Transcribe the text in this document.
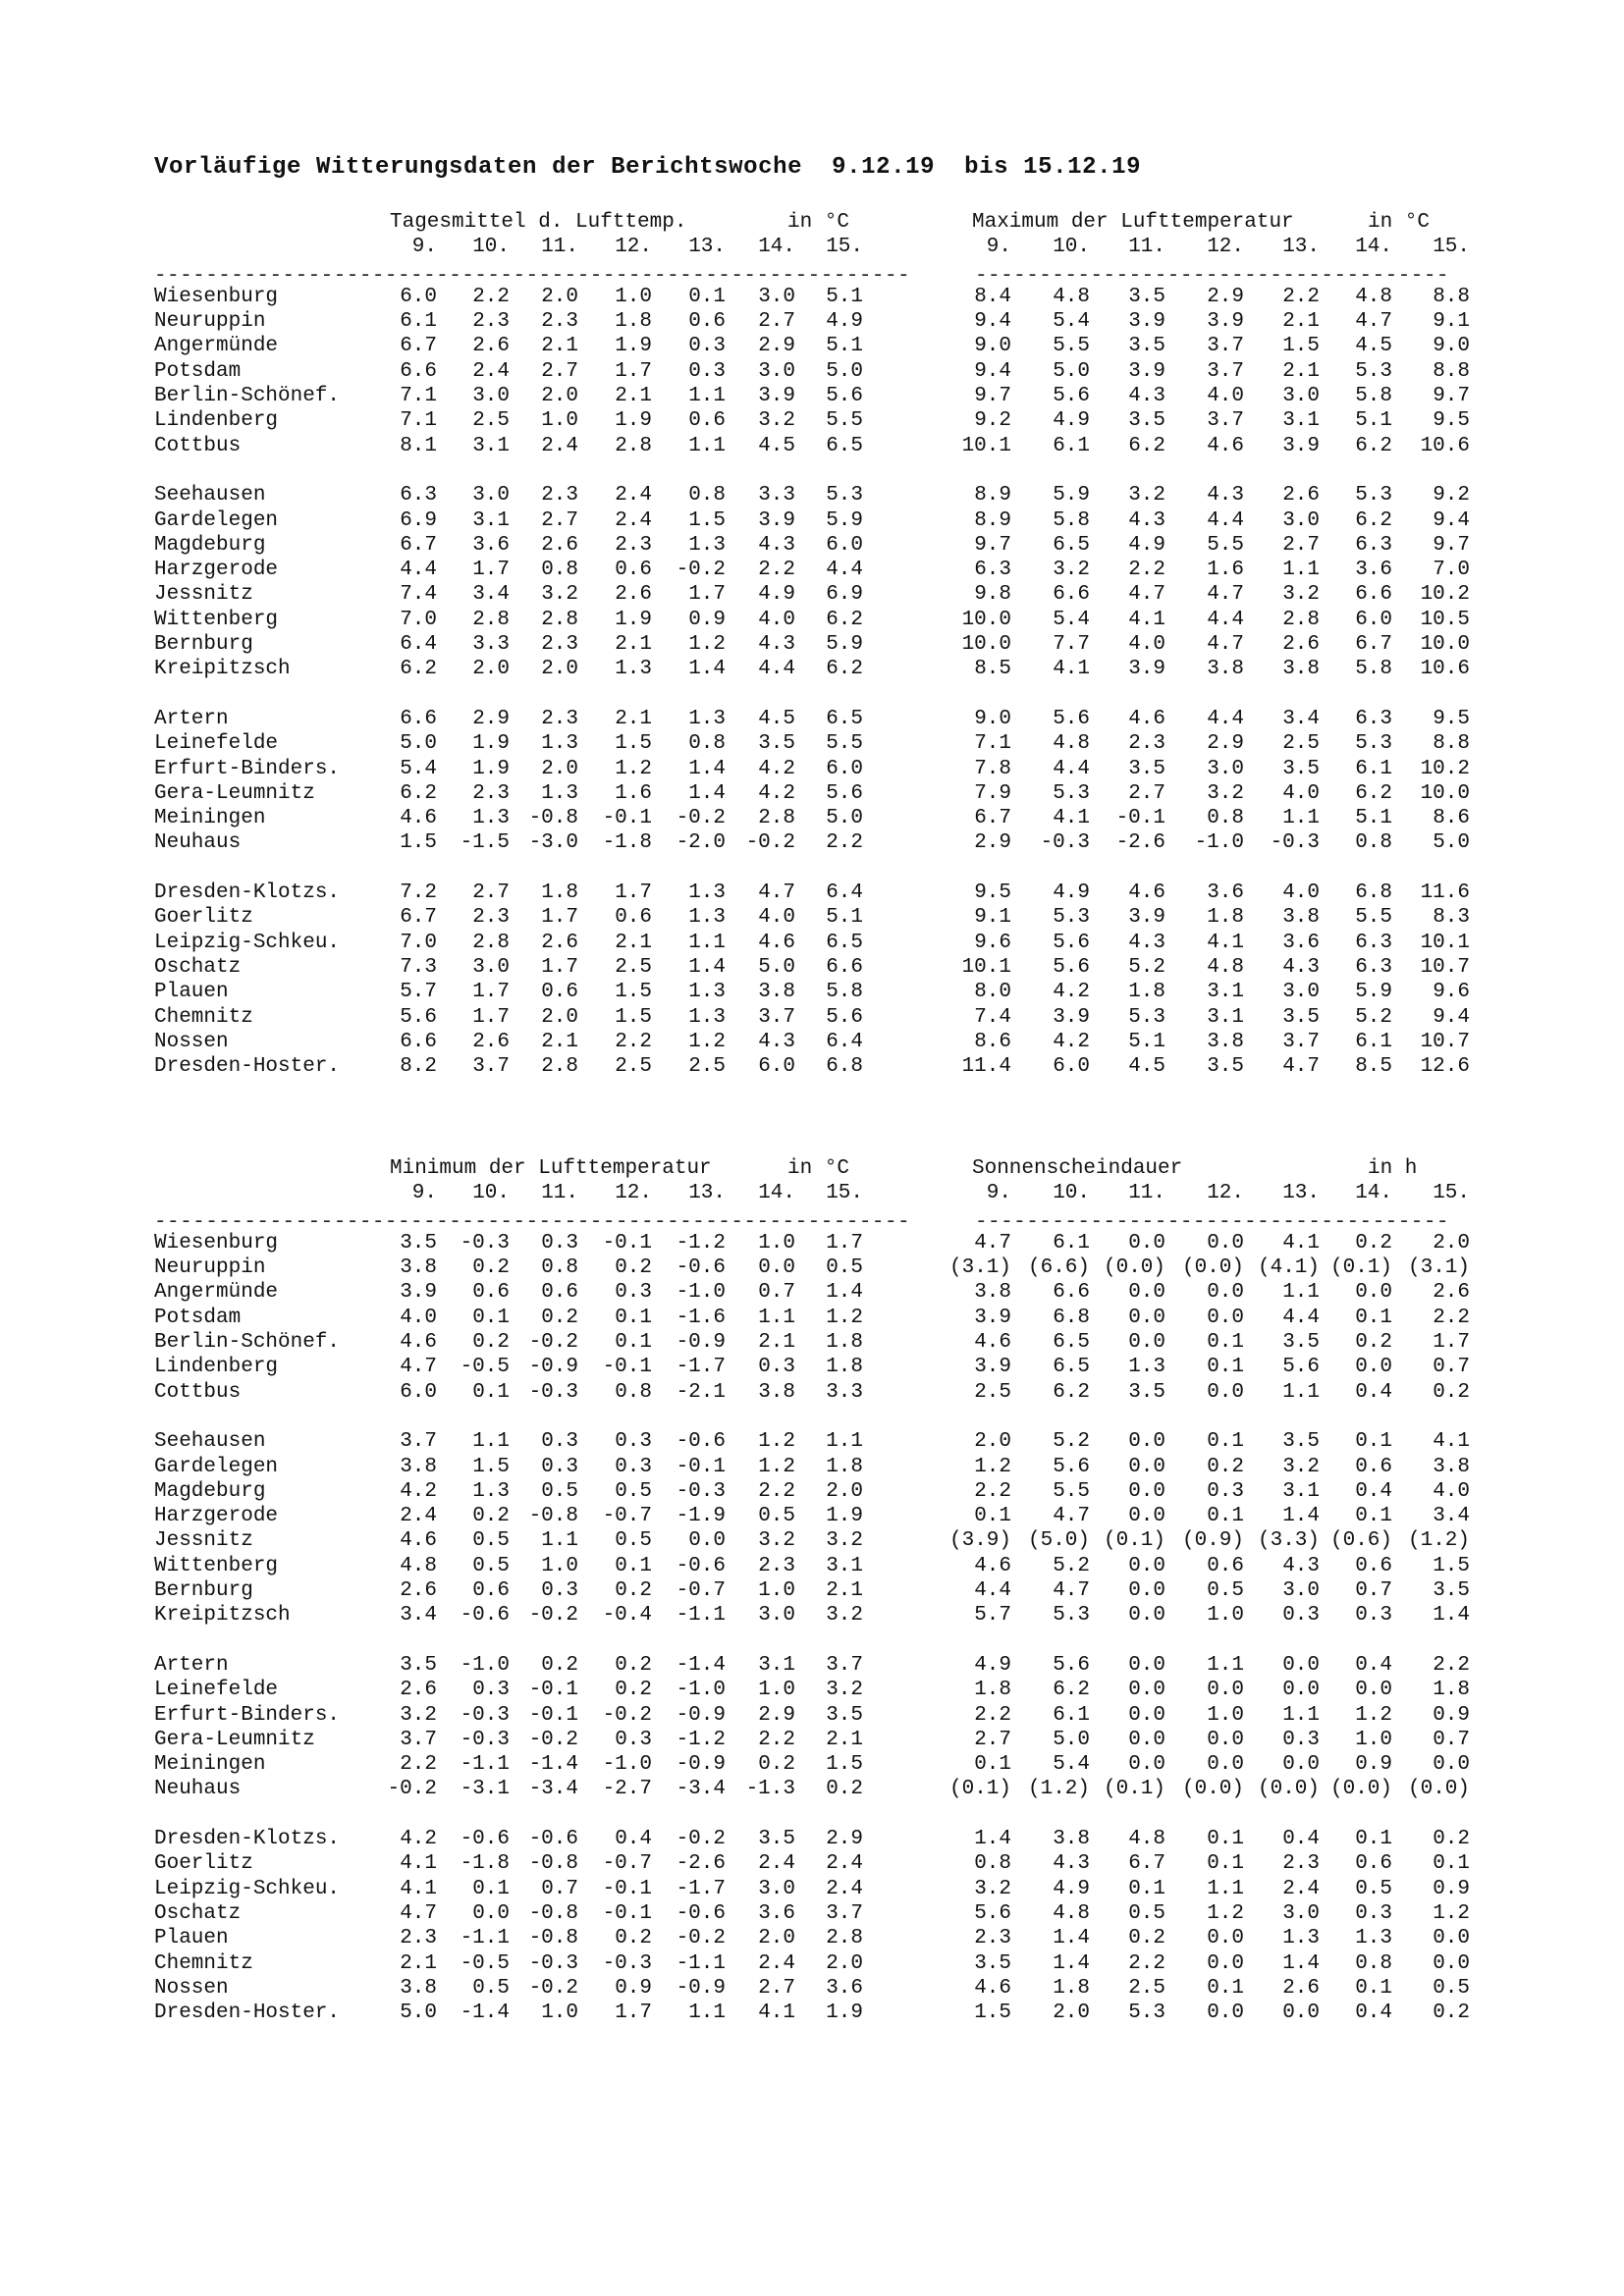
Vorläufige Witterungsdaten der Berichtswoche  9.12.19  bis 15.12.19
Tagesmittel d. Lufttemp.	in °C	Maximum der Lufttemperatur	in °C
9.	9.
10.	10.
11.	11.
12.	12.
13.	13.
14.	14.
15.	15.
-----------------------------------------------------------	-------------------------------------
Wiesenburg	6.0	2.2	2.0	1.0	0.1	3.0	5.1	8.4	4.8	3.5	2.9	2.2	4.8	8.8
Neuruppin	6.1	2.3	2.3	1.8	0.6	2.7	4.9	9.4	5.4	3.9	3.9	2.1	4.7	9.1
Angermünde	6.7	2.6	2.1	1.9	0.3	2.9	5.1	9.0	5.5	3.5	3.7	1.5	4.5	9.0
Potsdam	6.6	2.4	2.7	1.7	0.3	3.0	5.0	9.4	5.0	3.9	3.7	2.1	5.3	8.8
Berlin-Schönef.	7.1	3.0	2.0	2.1	1.1	3.9	5.6	9.7	5.6	4.3	4.0	3.0	5.8	9.7
Lindenberg	7.1	2.5	1.0	1.9	0.6	3.2	5.5	9.2	4.9	3.5	3.7	3.1	5.1	9.5
Cottbus	8.1	3.1	2.4	2.8	1.1	4.5	6.5	10.1	6.1	6.2	4.6	3.9	6.2	10.6
Seehausen	6.3	3.0	2.3	2.4	0.8	3.3	5.3	8.9	5.9	3.2	4.3	2.6	5.3	9.2
Gardelegen	6.9	3.1	2.7	2.4	1.5	3.9	5.9	8.9	5.8	4.3	4.4	3.0	6.2	9.4
Magdeburg	6.7	3.6	2.6	2.3	1.3	4.3	6.0	9.7	6.5	4.9	5.5	2.7	6.3	9.7
Harzgerode	4.4	1.7	0.8	0.6	-0.2	2.2	4.4	6.3	3.2	2.2	1.6	1.1	3.6	7.0
Jessnitz	7.4	3.4	3.2	2.6	1.7	4.9	6.9	9.8	6.6	4.7	4.7	3.2	6.6	10.2
Wittenberg	7.0	2.8	2.8	1.9	0.9	4.0	6.2	10.0	5.4	4.1	4.4	2.8	6.0	10.5
Bernburg	6.4	3.3	2.3	2.1	1.2	4.3	5.9	10.0	7.7	4.0	4.7	2.6	6.7	10.0
Kreipitzsch	6.2	2.0	2.0	1.3	1.4	4.4	6.2	8.5	4.1	3.9	3.8	3.8	5.8	10.6
Artern	6.6	2.9	2.3	2.1	1.3	4.5	6.5	9.0	5.6	4.6	4.4	3.4	6.3	9.5
Leinefelde	5.0	1.9	1.3	1.5	0.8	3.5	5.5	7.1	4.8	2.3	2.9	2.5	5.3	8.8
Erfurt-Binders.	5.4	1.9	2.0	1.2	1.4	4.2	6.0	7.8	4.4	3.5	3.0	3.5	6.1	10.2
Gera-Leumnitz	6.2	2.3	1.3	1.6	1.4	4.2	5.6	7.9	5.3	2.7	3.2	4.0	6.2	10.0
Meiningen	4.6	1.3 -0.8	-0.1	-0.2	2.8	5.0	6.7	4.1	-0.1	0.8	1.1	5.1	8.6
Neuhaus	1.5	-1.5 -3.0	-1.8	-2.0 -0.2	2.2	2.9	-0.3	-2.6	-1.0	-0.3	0.8	5.0
Dresden-Klotzs.	7.2	2.7	1.8	1.7	1.3	4.7	6.4	9.5	4.9	4.6	3.6	4.0	6.8	11.6
Goerlitz	6.7	2.3	1.7	0.6	1.3	4.0	5.1	9.1	5.3	3.9	1.8	3.8	5.5	8.3
Leipzig-Schkeu.	7.0	2.8	2.6	2.1	1.1	4.6	6.5	9.6	5.6	4.3	4.1	3.6	6.3	10.1
Oschatz	7.3	3.0	1.7	2.5	1.4	5.0	6.6	10.1	5.6	5.2	4.8	4.3	6.3	10.7
Plauen	5.7	1.7	0.6	1.5	1.3	3.8	5.8	8.0	4.2	1.8	3.1	3.0	5.9	9.6
Chemnitz	5.6	1.7	2.0	1.5	1.3	3.7	5.6	7.4	3.9	5.3	3.1	3.5	5.2	9.4
Nossen	6.6	2.6	2.1	2.2	1.2	4.3	6.4	8.6	4.2	5.1	3.8	3.7	6.1	10.7
Dresden-Hoster.	8.2	3.7	2.8	2.5	2.5	6.0	6.8	11.4	6.0	4.5	3.5	4.7	8.5	12.6
Minimum der Lufttemperatur	in °C	Sonnenscheindauer	in h
9.	9.
10.	10.
11.	11.
12.	12.
13.	13.
14.	14.
15.	15.
-----------------------------------------------------------	-------------------------------------
Wiesenburg	3.5	-0.3	0.3	-0.1	-1.2	1.0	1.7	4.7	6.1	0.0	0.0	4.1	0.2	2.0
Neuruppin	3.8	0.2	0.8	0.2	-0.6	0.0	0.5	(3.1) (6.6) (0.0) (0.0) (4.1) (0.1) (3.1)
Angermünde	3.9	0.6	0.6	0.3	-1.0	0.7	1.4	3.8	6.6	0.0	0.0	1.1	0.0	2.6
Potsdam	4.0	0.1	0.2	0.1	-1.6	1.1	1.2	3.9	6.8	0.0	0.0	4.4	0.1	2.2
Berlin-Schönef.	4.6	0.2 -0.2	0.1	-0.9	2.1	1.8	4.6	6.5	0.0	0.1	3.5	0.2	1.7
Lindenberg	4.7	-0.5 -0.9	-0.1	-1.7	0.3	1.8	3.9	6.5	1.3	0.1	5.6	0.0	0.7
Cottbus	6.0	0.1 -0.3	0.8	-2.1	3.8	3.3	2.5	6.2	3.5	0.0	1.1	0.4	0.2
Seehausen	3.7	1.1	0.3	0.3	-0.6	1.2	1.1	2.0	5.2	0.0	0.1	3.5	0.1	4.1
Gardelegen	3.8	1.5	0.3	0.3	-0.1	1.2	1.8	1.2	5.6	0.0	0.2	3.2	0.6	3.8
Magdeburg	4.2	1.3	0.5	0.5	-0.3	2.2	2.0	2.2	5.5	0.0	0.3	3.1	0.4	4.0
Harzgerode	2.4	0.2 -0.8	-0.7	-1.9	0.5	1.9	0.1	4.7	0.0	0.1	1.4	0.1	3.4
Jessnitz	4.6	0.5	1.1	0.5	0.0	3.2	3.2	(3.9) (5.0) (0.1) (0.9) (3.3) (0.6) (1.2)
Wittenberg	4.8	0.5	1.0	0.1	-0.6	2.3	3.1	4.6	5.2	0.0	0.6	4.3	0.6	1.5
Bernburg	2.6	0.6	0.3	0.2	-0.7	1.0	2.1	4.4	4.7	0.0	0.5	3.0	0.7	3.5
Kreipitzsch	3.4	-0.6 -0.2	-0.4	-1.1	3.0	3.2	5.7	5.3	0.0	1.0	0.3	0.3	1.4
Artern	3.5	-1.0	0.2	0.2	-1.4	3.1	3.7	4.9	5.6	0.0	1.1	0.0	0.4	2.2
Leinefelde	2.6	0.3 -0.1	0.2	-1.0	1.0	3.2	1.8	6.2	0.0	0.0	0.0	0.0	1.8
Erfurt-Binders.	3.2	-0.3 -0.1	-0.2	-0.9	2.9	3.5	2.2	6.1	0.0	1.0	1.1	1.2	0.9
Gera-Leumnitz	3.7	-0.3 -0.2	0.3	-1.2	2.2	2.1	2.7	5.0	0.0	0.0	0.3	1.0	0.7
Meiningen	2.2	-1.1 -1.4	-1.0	-0.9	0.2	1.5	0.1	5.4	0.0	0.0	0.0	0.9	0.0
Neuhaus	-0.2	-3.1 -3.4	-2.7	-3.4 -1.3	0.2	(0.1) (1.2) (0.1) (0.0) (0.0) (0.0) (0.0)
Dresden-Klotzs.	4.2	-0.6 -0.6	0.4	-0.2	3.5	2.9	1.4	3.8	4.8	0.1	0.4	0.1	0.2
Goerlitz	4.1	-1.8 -0.8	-0.7	-2.6	2.4	2.4	0.8	4.3	6.7	0.1	2.3	0.6	0.1
Leipzig-Schkeu.	4.1	0.1	0.7	-0.1	-1.7	3.0	2.4	3.2	4.9	0.1	1.1	2.4	0.5	0.9
Oschatz	4.7	0.0 -0.8	-0.1	-0.6	3.6	3.7	5.6	4.8	0.5	1.2	3.0	0.3	1.2
Plauen	2.3	-1.1 -0.8	0.2	-0.2	2.0	2.8	2.3	1.4	0.2	0.0	1.3	1.3	0.0
Chemnitz	2.1	-0.5 -0.3	-0.3	-1.1	2.4	2.0	3.5	1.4	2.2	0.0	1.4	0.8	0.0
Nossen	3.8	0.5 -0.2	0.9	-0.9	2.7	3.6	4.6	1.8	2.5	0.1	2.6	0.1	0.5
Dresden-Hoster.	5.0	-1.4	1.0	1.7	1.1	4.1	1.9	1.5	2.0	5.3	0.0	0.0	0.4	0.2
